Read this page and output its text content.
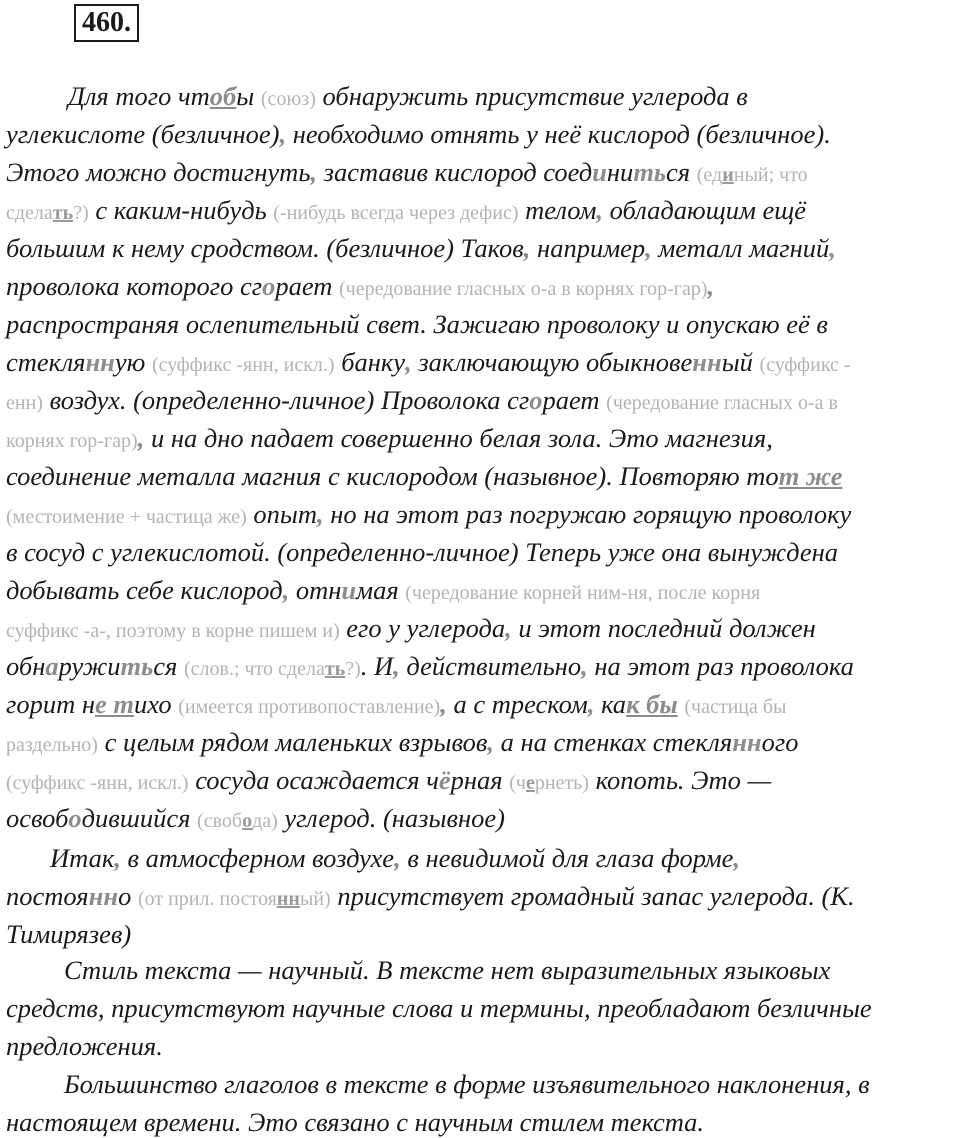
460.
Для того чтобы (союз) обнаружить присутствие углерода в
углекислоте (безличное), необходимо отнять у неё кислород (безличное).
Этого можно достигнуть, заставив кислород соединиться (единый; что
сделать?) с каким-нибудь (-нибудь всегда через дефис) телом, обладающим ещё
большим к нему сродством. (безличное) Таков, например, металл магний,
проволока которого сгорает (чередование гласных о-а в корнях гор-гар),
распространяя ослепительный свет. Зажигаю проволоку и опускаю её в
стеклянную (суффикс -янн, искл.) банку, заключающую обыкновенный (суффикс -
енн) воздух. (определенно-личное) Проволока сгорает (чередование гласных о-а в
корнях гор-гар), и на дно падает совершенно белая зола. Это магнезия,
соединение металла магния с кислородом (назывное). Повторяю тот же
(местоимение + частица же) опыт, но на этот раз погружаю горящую проволоку
в сосуд с углекислотой. (определенно-личное) Теперь уже она вынуждена
добывать себе кислород, отнимая (чередование корней ним-ня, после корня
суффикс -а-, поэтому в корне пишем и) его у углерода, и этот последний должен
обнаружиться (слов.; что сделать?). И, действительно, на этот раз проволока
горит не тихо (имеется противопоставление), а с треском, как бы (частица бы
раздельно) с целым рядом маленьких взрывов, а на стенках стеклянного
(суффикс -янн, искл.) сосуда осаждается чёрная (чернеть) копоть. Это —
освободившийся (свобода) углерод. (назывное)
Итак, в атмосферном воздухе, в невидимой для глаза форме,
постоянно (от прил. постоянный) присутствует громадный запас углерода. (К.
Тимирязев)
Стиль текста — научный. В тексте нет выразительных языковых
средств, присутствуют научные слова и термины, преобладают безличные
предложения.
Большинство глаголов в тексте в форме изъявительного наклонения, в
настоящем времени. Это связано с научным стилем текста.
